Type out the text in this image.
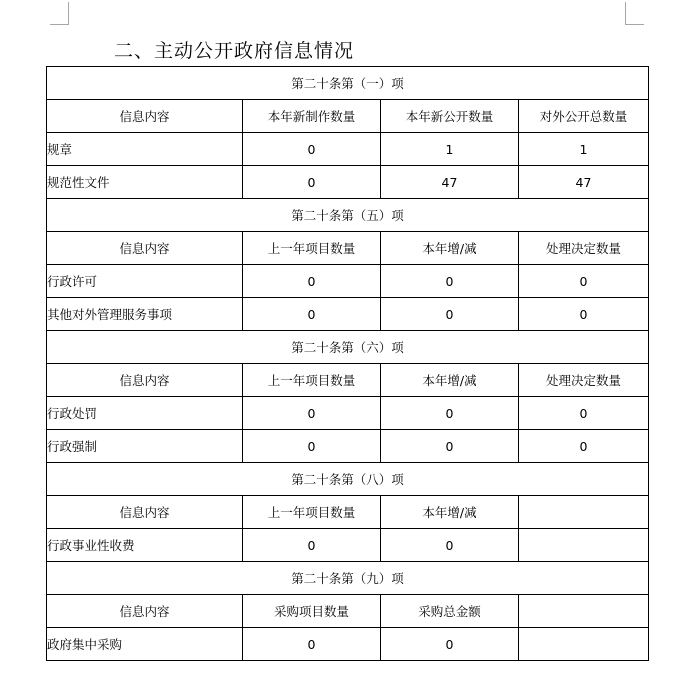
二、主动公开政府信息情况
第二十条第（一）项			
信息内容	本年新制作数量	本年新公开数量	对外公开总数量
规章	0	1	1
规范性文件	0	47	47
第二十条第（五）项			
信息内容	上一年项目数量	本年增/减	处理决定数量
行政许可	0	0	0
其他对外管理服务事项	0	0	0
第二十条第（六）项			
信息内容	上一年项目数量	本年增/减	处理决定数量
行政处罚	0	0	0
行政强制	0	0	0
第二十条第（八）项			
信息内容	上一年项目数量	本年增/减	
行政事业性收费	0	0	
第二十条第（九）项			
信息内容	采购项目数量	采购总金额	
政府集中采购	0	0	
